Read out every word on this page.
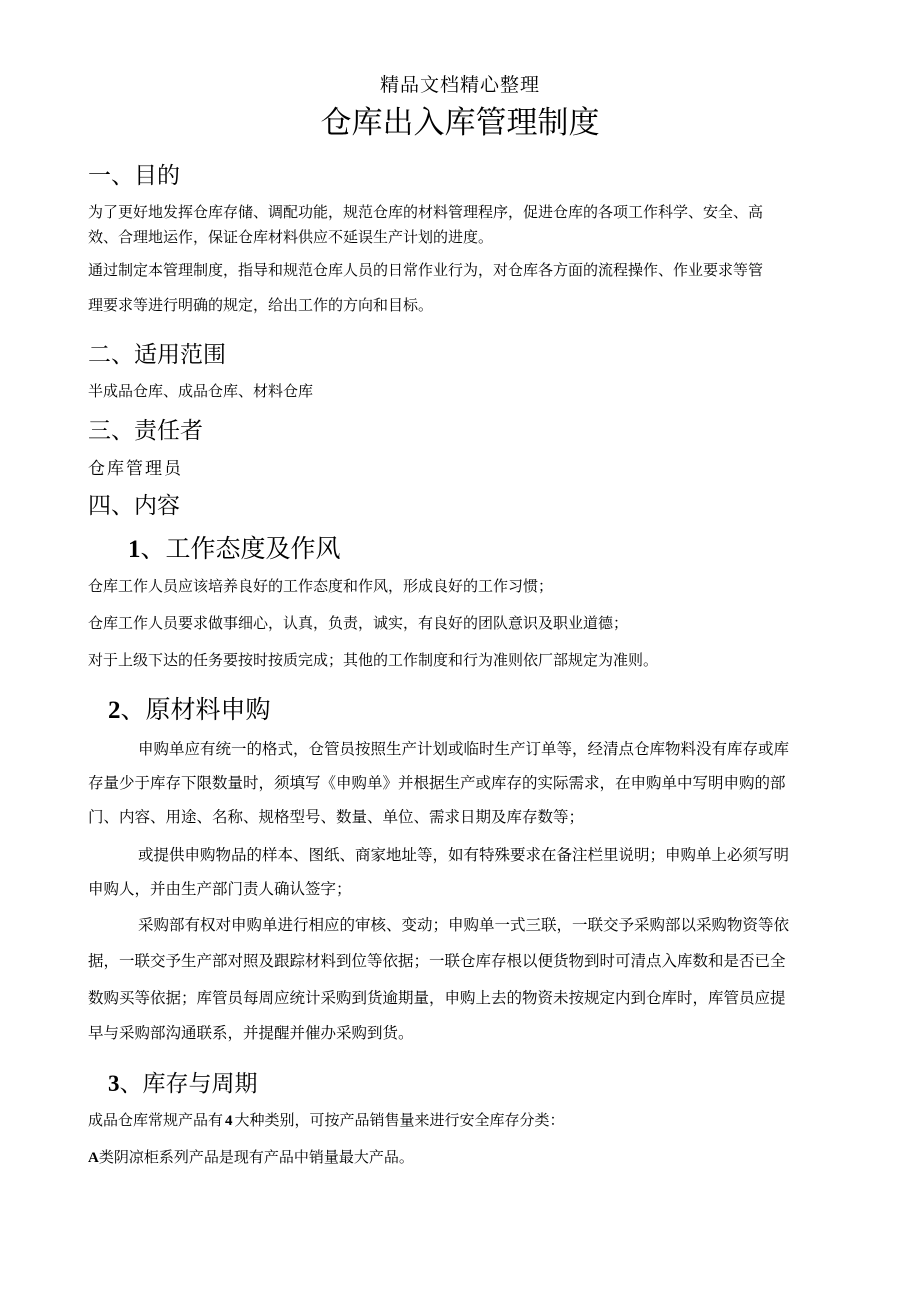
精品文档精心整理
仓库出入库管理制度
一、目的
为了更好地发挥仓库存储、调配功能，规范仓库的材料管理程序，促进仓库的各项工作科学、安全、高
效、合理地运作，保证仓库材料供应不延误生产计划的进度。
通过制定本管理制度，指导和规范仓库人员的日常作业行为，对仓库各方面的流程操作、作业要求等管
理要求等进行明确的规定，给出工作的方向和目标。
二、适用范围
半成品仓库、成品仓库、材料仓库
三、责任者
仓库管理员
四、内容
1、工作态度及作风
仓库工作人员应该培养良好的工作态度和作风，形成良好的工作习惯；
仓库工作人员要求做事细心，认真，负责，诚实，有良好的团队意识及职业道德；
对于上级下达的任务要按时按质完成；其他的工作制度和行为准则依厂部规定为准则。
2、原材料申购
申购单应有统一的格式，仓管员按照生产计划或临时生产订单等，经清点仓库物料没有库存或库
存量少于库存下限数量时，须填写《申购单》并根据生产或库存的实际需求，在申购单中写明申购的部
门、内容、用途、名称、规格型号、数量、单位、需求日期及库存数等；
或提供申购物品的样本、图纸、商家地址等，如有特殊要求在备注栏里说明；申购单上必须写明
申购人，并由生产部门责人确认签字；
采购部有权对申购单进行相应的审核、变动；申购单一式三联，一联交予采购部以采购物资等依
据，一联交予生产部对照及跟踪材料到位等依据；一联仓库存根以便货物到时可清点入库数和是否已全
数购买等依据；库管员每周应统计采购到货逾期量，申购上去的物资未按规定内到仓库时，库管员应提
早与采购部沟通联系，并提醒并催办采购到货。
3、库存与周期
成品仓库常规产品有 4 大种类别，可按产品销售量来进行安全库存分类：
A类阴凉柜系列产品是现有产品中销量最大产品。
